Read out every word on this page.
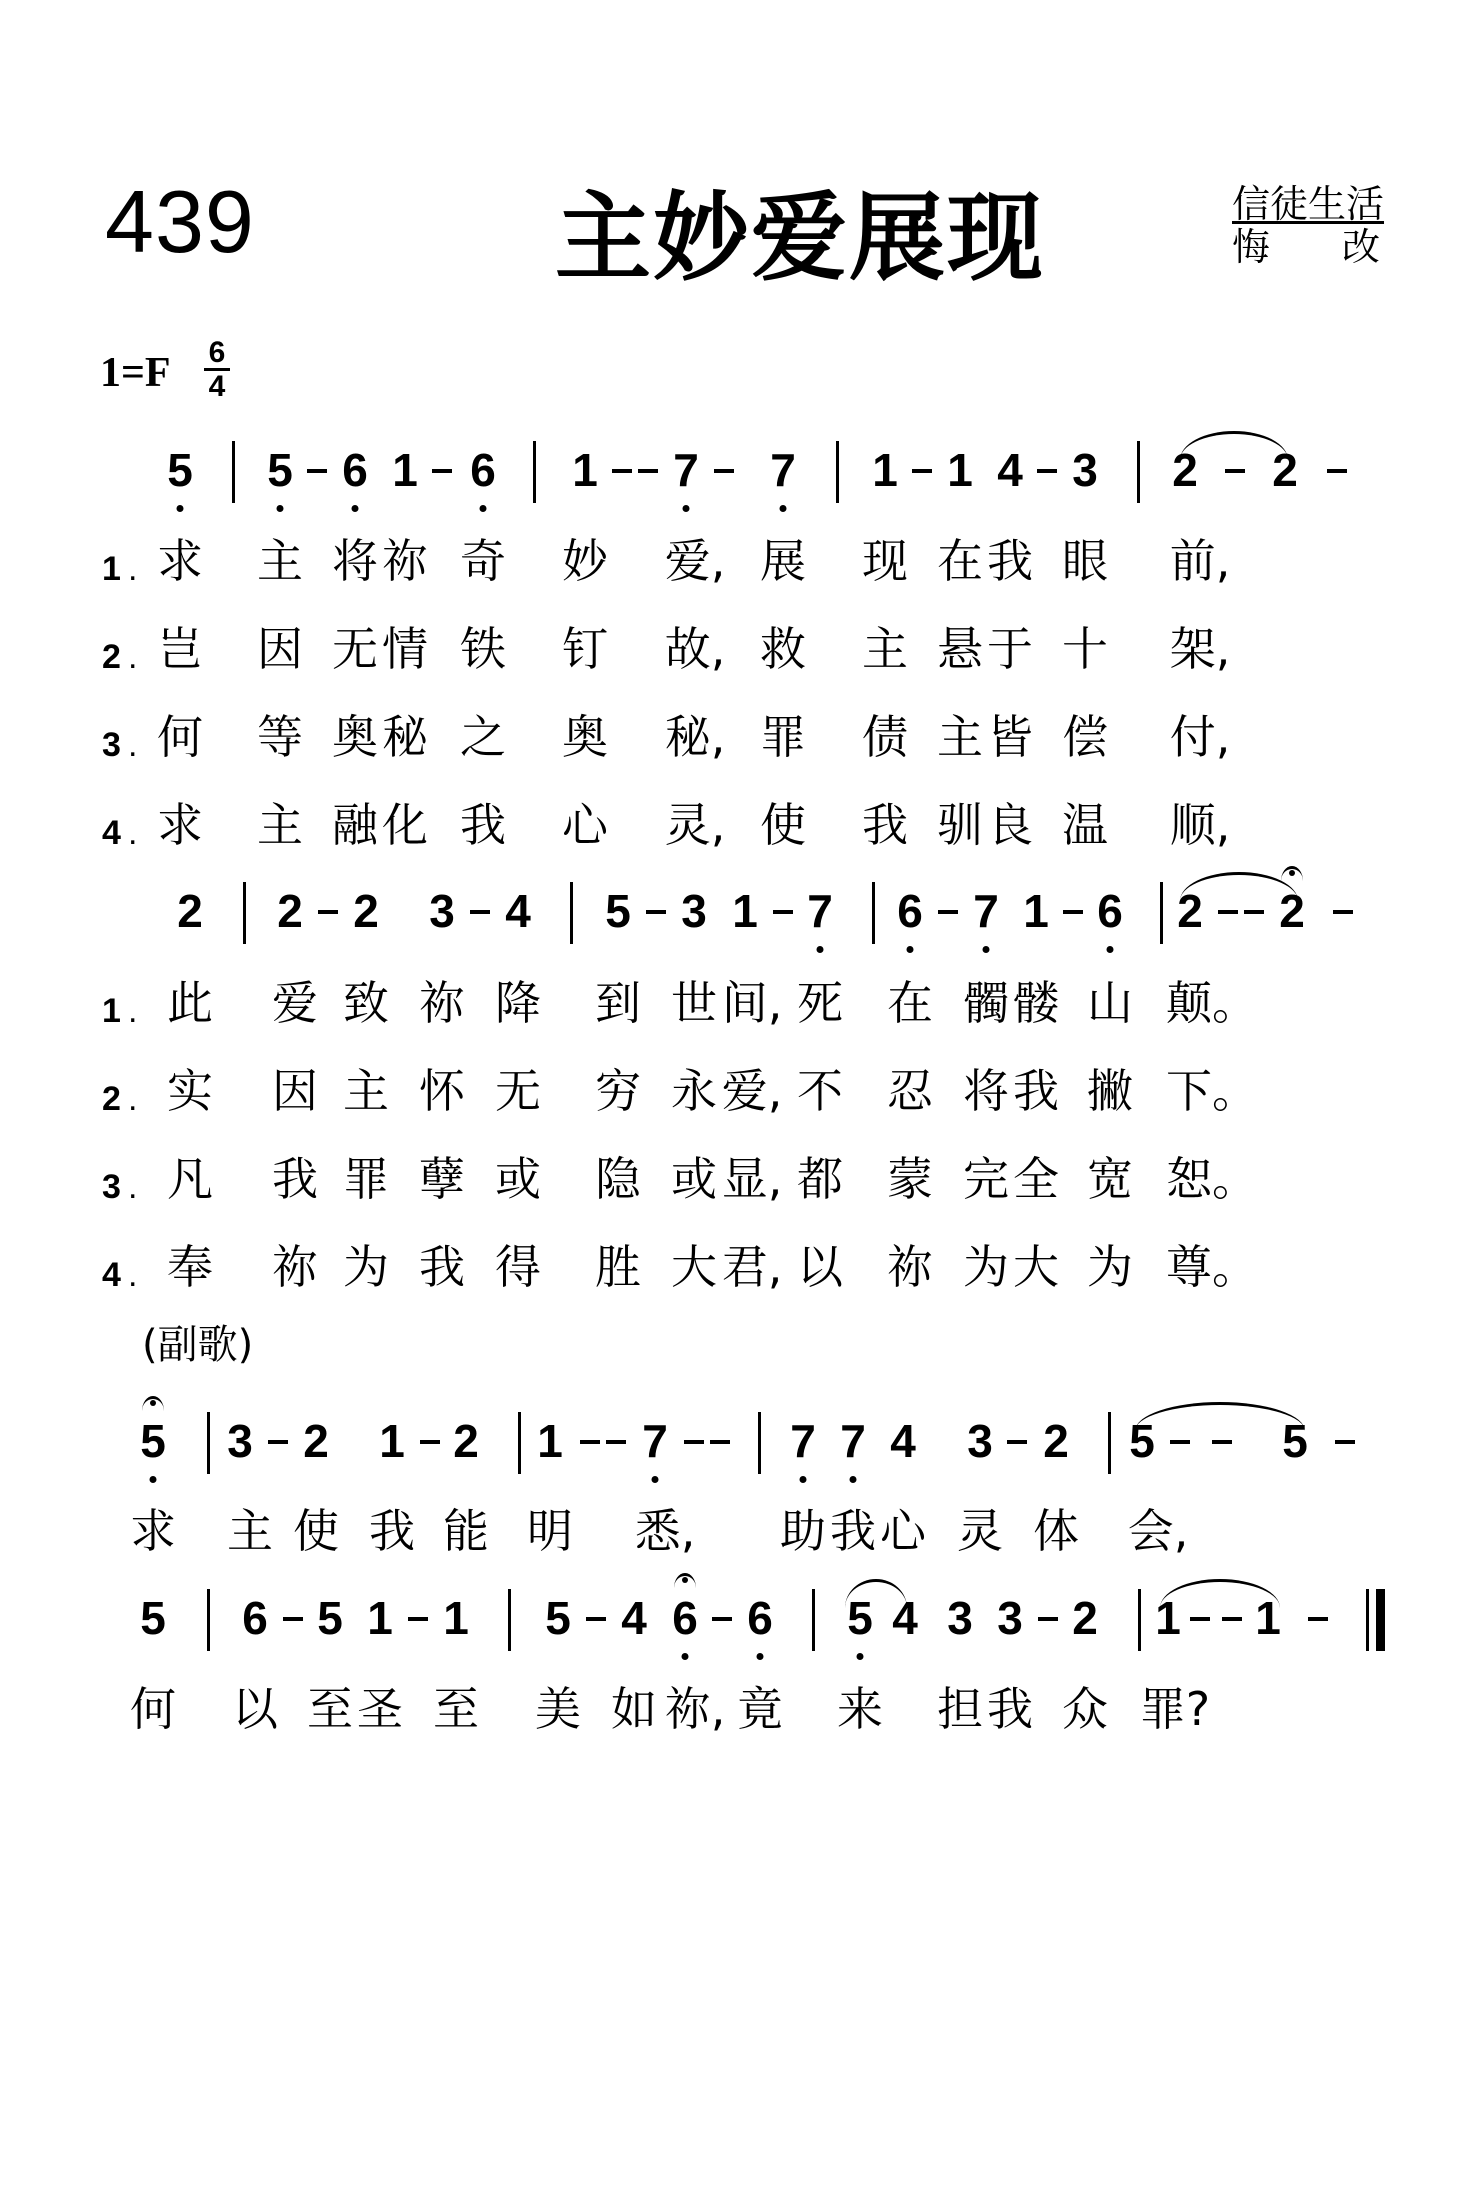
439	主妙爱展现	信徒生活
悔 改
1=F 6
4
5 5 6 1 6 1 7 7 1 1 4 3 2 2
1 . 求 主 将 祢 奇 妙 爱, 展 现 在 我 眼 前,
2 . 岂 因 无 情 铁 钉 故, 救 主 悬 于 十 架,
3 . 何 等 奥 秘 之 奥 秘, 罪 债 主 皆 偿 付,
4 . 求 主 融 化 我 心 灵, 使 我 驯 良 温 顺,
2 2 2 3 4 5 3 1 7 6 7 1 6 2 2
1 . 此 爱 致 祢 降 到 世 间, 死 在 髑 髅 山 颠。
2 . 实 因 主 怀 无 穷 永 爱, 不 忍 将 我 撇 下。
3 . 凡 我 罪 孽 或 隐 或 显, 都 蒙 完 全 宽 恕。
4 . 奉 祢 为 我 得 胜 大 君, 以 祢 为 大 为 尊。
(副歌)
5 3 2 1 2 1 7	7 7 4 3 2 5	5
求 主 使 我 能 明 悉, 助 我 心 灵 体 会,
5 6 5 1 1 5 4 6 6 5 4 3 3 2 1 1
何 以 至 圣 至 美 如 祢, 竟 来 担 我 众 罪?
